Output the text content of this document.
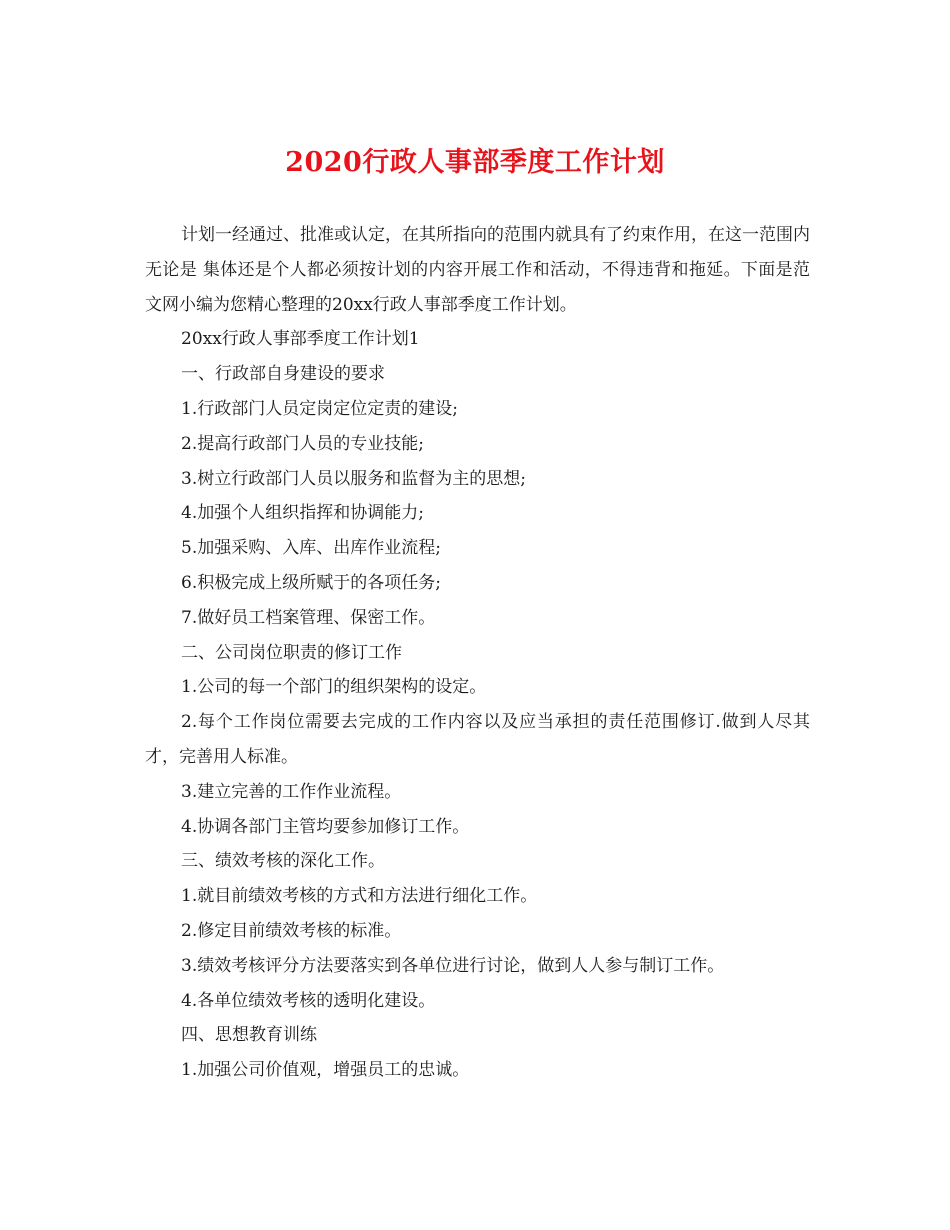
2020行政人事部季度工作计划

计划一经通过、批准或认定，在其所指向的范围内就具有了约束作用，在这一范围内无论是 集体还是个人都必须按计划的内容开展工作和活动，不得违背和拖延。下面是范文网小编为您精心整理的20xx行政人事部季度工作计划。

20xx行政人事部季度工作计划1

一、行政部自身建设的要求

1.行政部门人员定岗定位定责的建设;

2.提高行政部门人员的专业技能;

3.树立行政部门人员以服务和监督为主的思想;

4.加强个人组织指挥和协调能力;

5.加强采购、入库、出库作业流程;

6.积极完成上级所赋于的各项任务;

7.做好员工档案管理、保密工作。

二、公司岗位职责的修订工作

1.公司的每一个部门的组织架构的设定。

2.每个工作岗位需要去完成的工作内容以及应当承担的责任范围修订.做到人尽其才，完善用人标准。

3.建立完善的工作作业流程。

4.协调各部门主管均要参加修订工作。

三、绩效考核的深化工作。

1.就目前绩效考核的方式和方法进行细化工作。

2.修定目前绩效考核的标准。

3.绩效考核评分方法要落实到各单位进行讨论，做到人人参与制订工作。

4.各单位绩效考核的透明化建设。

四、思想教育训练

1.加强公司价值观，增强员工的忠诚。
